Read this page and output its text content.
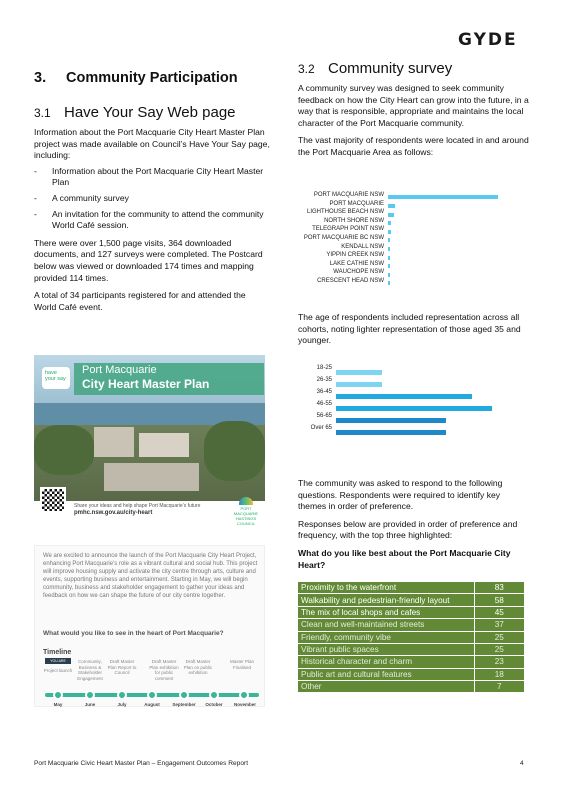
GYDE
3.	Community Participation
3.1 Have Your Say Web page

Information about the Port Macquarie City Heart Master Plan project was made available on Council’s Have Your Say page, including:

- Information about the Port Macquarie City Heart Master Plan
- A community survey
- An invitation for the community to attend the community World Café session.

There were over 1,500 page visits, 364 downloaded documents, and 127 surveys were completed. The Postcard below was viewed or downloaded 174 times and mapping provided 114 times.

A total of 34 participants registered for and attended the World Café event.

Port Macquarie
City Heart Master Plan
have your say
Share your ideas and help shape Port Macquarie’s future
pmhc.nsw.gov.au/city-heart
PORT MACQUARIE HASTINGS COUNCIL
We are excited to announce the launch of the Port Macquarie City Heart Project, enhancing Port Macquarie’s role as a vibrant cultural and social hub. This project will improve housing supply and activate the city centre through arts, culture and events, supporting business and entertainment. Starting in May, we will begin community, business and stakeholder engagement to gather your ideas and feedback on how we can shape the future of our city centre together.
What would you like to see in the heart of Port Macquarie?
Timeline
YOU ARE HERE
Project launch
Community, Business & Stakeholder Engagement
Draft Master Plan Report to Council
Draft Master Plan exhibition for public comment
Draft Master Plan on public exhibition
Master Plan Finalised
May	June	July	August	September	October	November
3.2 Community survey

A community survey was designed to seek community feedback on how the City Heart can grow into the future, in a way that is responsible, appropriate and maintains the local character of the Port Macquarie community.

The vast majority of respondents were located in and around the Port Macquarie Area as follows:

PORT MACQUARIE NSW
PORT MACQUARIE
LIGHTHOUSE BEACH NSW
NORTH SHORE NSW
TELEGRAPH POINT NSW
PORT MACQUARIE BC NSW
KENDALL NSW
YIPPIN CREEK NSW
LAKE CATHIE NSW
WAUCHOPE NSW
CRESCENT HEAD NSW

The age of respondents included representation across all cohorts, noting lighter representation of those aged 35 and younger.

18-25
26-35
36-45
46-55
56-65
Over 65

The community was asked to respond to the following questions. Respondents were required to identify key themes in order of preference.

Responses below are provided in order of preference and frequency, with the top three highlighted:

What do you like best about the Port Macquarie City Heart?

Proximity to the waterfront	83
Walkability and pedestrian-friendly layout	58
The mix of local shops and cafes	45
Clean and well-maintained streets	37
Friendly, community vibe	25
Vibrant public spaces	25
Historical character and charm	23
Public art and cultural features	18
Other	7
Port Macquarie Civic Heart Master Plan – Engagement Outcomes Report	4
